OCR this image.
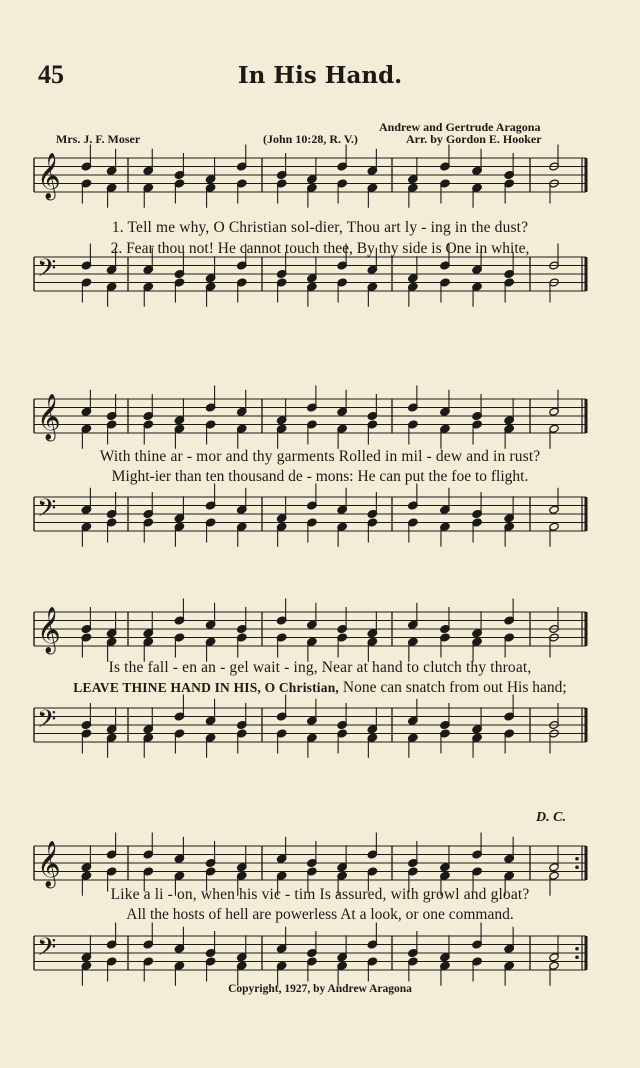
45	In His Hand.
Andrew and Gertrude Aragona
Mrs. J. F. Moser	(John 10:28, R. V.)	Arr. by Gordon E. Hooker
𝄞
𝄢
1. Tell me why, O Christian sol-dier, Thou art ly - ing in the dust?
2. Fear thou not! He cannot touch thee, By thy side is One in white,
𝄞
𝄢
With thine ar - mor and thy garments Rolled in mil - dew and in rust?
Might-ier than ten thousand de - mons: He can put the foe to flight.
𝄞
𝄢
Is the fall - en an - gel wait - ing, Near at hand to clutch thy throat,
LEAVE THINE HAND IN HIS, O Christian, None can snatch from out His hand;
D. C.
𝄞
𝄢
Like a li - on, when his vic - tim Is assured, with growl and gloat?
All the hosts of hell are powerless At a look, or one command.
Copyright, 1927, by Andrew Aragona
